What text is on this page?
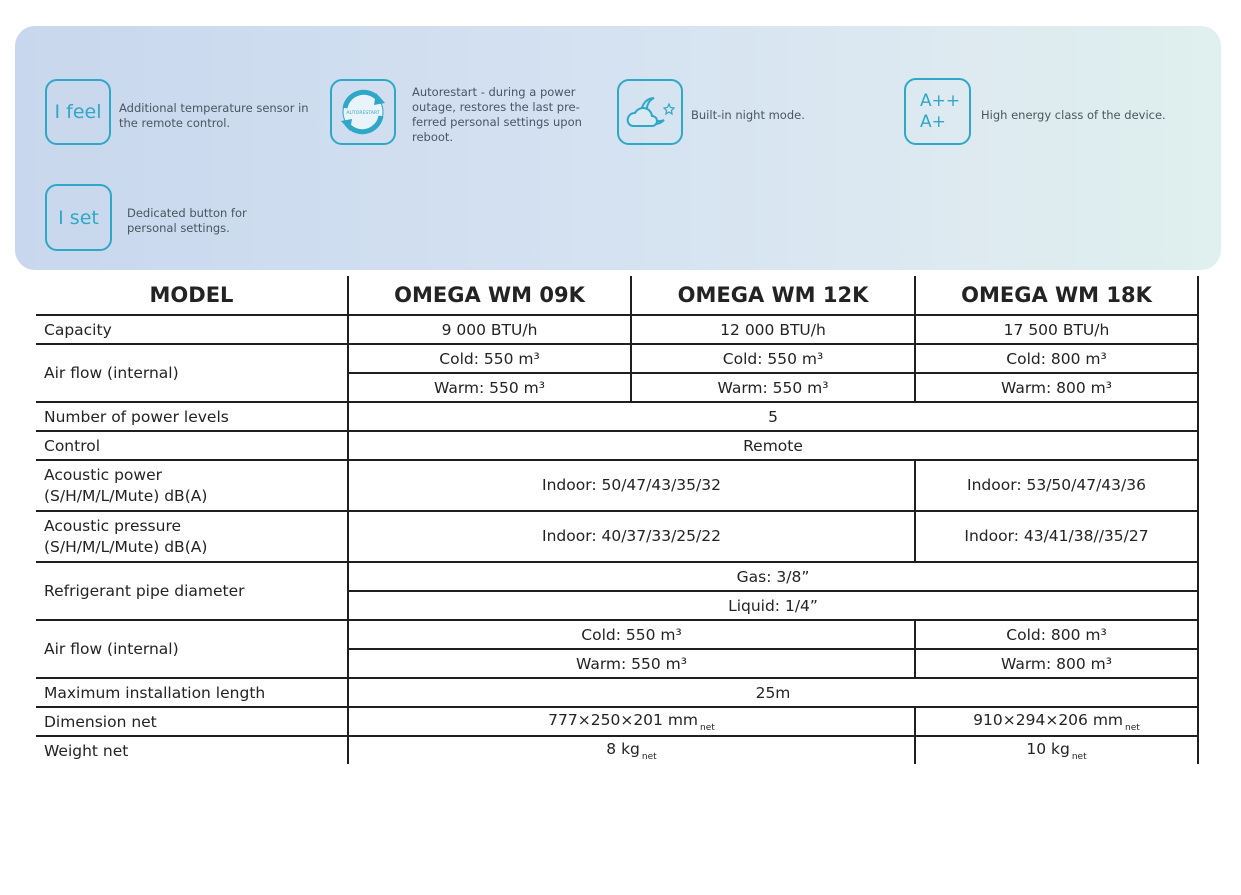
I feel Additional temperature sensor in the remote control.
AUTORESTART
Autorestart - during a power outage, restores the last pre-ferred personal settings upon reboot.
Built-in night mode.
A++
A+	High energy class of the device.
I set Dedicated button for personal settings.
MODEL	OMEGA WM 09K	OMEGA WM 12K	OMEGA WM 18K
Capacity	9 000 BTU/h	12 000 BTU/h	17 500 BTU/h
Air flow (internal)	Cold: 550 m³	Cold: 550 m³	Cold: 800 m³
	Warm: 550 m³	Warm: 550 m³	Warm: 800 m³
Number of power levels	5		
Control	Remote		

Acoustic power
(S/H/M/L/Mute) dB(A)	Indoor: 50/47/43/35/32		Indoor: 53/50/47/43/36

Acoustic pressure
(S/H/M/L/Mute) dB(A)	Indoor: 40/37/33/25/22		Indoor: 43/41/38//35/27
Refrigerant pipe diameter	Gas: 3/8”		
	Liquid: 1/4”		
Air flow (internal)	Cold: 550 m³		Cold: 800 m³
	Warm: 550 m³		Warm: 800 m³
Maximum installation length	25m		
Dimension net	777×250×201 mm $_{net}$		910×294×206 mm $_{net}$
Weight net	8 kg $_{net}$		10 kg $_{net}$
